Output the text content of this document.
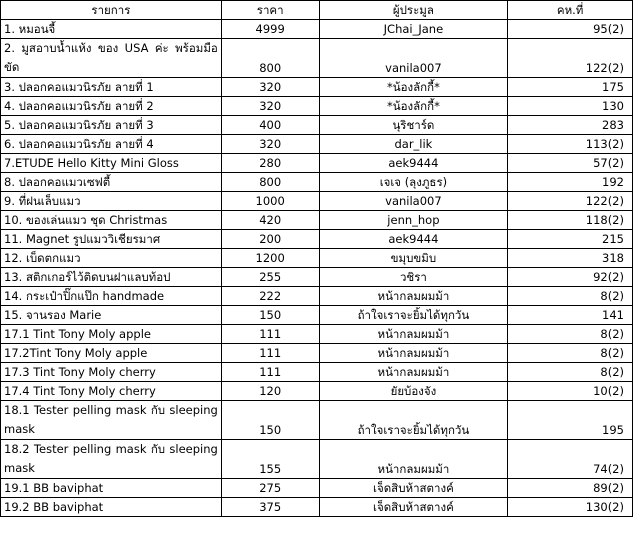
รายการ	ราคา	ผู้ประมูล	คห.ที่
1. หมอนจี้	4999	JChai_Jane	95(2)

2. มูสอาบน้ำแห้ง ของ USA ค่ะ พร้อมมือขัด	800	vanila007	122(2)
3. ปลอกคอแมวนิรภัย ลายที่ 1	320	*น้องลักกี้*	175
4. ปลอกคอแมวนิรภัย ลายที่ 2	320	*น้องลักกี้*	130
5. ปลอกคอแมวนิรภัย ลายที่ 3	400	นุริชาร์ด	283
6. ปลอกคอแมวนิรภัย ลายที่ 4	320	dar_lik	113(2)
7.ETUDE Hello Kitty Mini Gloss	280	aek9444	57(2)
8. ปลอกคอแมวเซฟตี้	800	เจเจ (ลุงภูธร)	192
9. ที่ฝนเล็บแมว	1000	vanila007	122(2)
10. ของเล่นแมว ชุด Christmas	420	jenn_hop	118(2)
11. Magnet รูปแมววิเชียรมาศ	200	aek9444	215
12. เบ็ดตกแมว	1200	ขมุบขมิบ	318
13. สติกเกอร์ไว้ติดบนฝาแลบท้อป	255	วชิรา	92(2)
14. กระเป๋าปิ๊กแป๊ก handmade	222	หน้ากลมผมม้า	8(2)
15. จานรอง Marie	150	ถ้าใจเราจะยิ้มได้ทุกวัน	141
17.1 Tint Tony Moly apple	111	หน้ากลมผมม้า	8(2)
17.2Tint Tony Moly apple	111	หน้ากลมผมม้า	8(2)
17.3 Tint Tony Moly cherry	111	หน้ากลมผมม้า	8(2)
17.4 Tint Tony Moly cherry	120	ยัยบ้องจัง	10(2)

18.1 Tester pelling mask กับ sleeping mask	150	ถ้าใจเราจะยิ้มได้ทุกวัน	195

18.2 Tester pelling mask กับ sleeping mask	155	หน้ากลมผมม้า	74(2)
19.1 BB baviphat	275	เจ็ดสิบห้าสตางค์	89(2)
19.2 BB baviphat	375	เจ็ดสิบห้าสตางค์	130(2)
